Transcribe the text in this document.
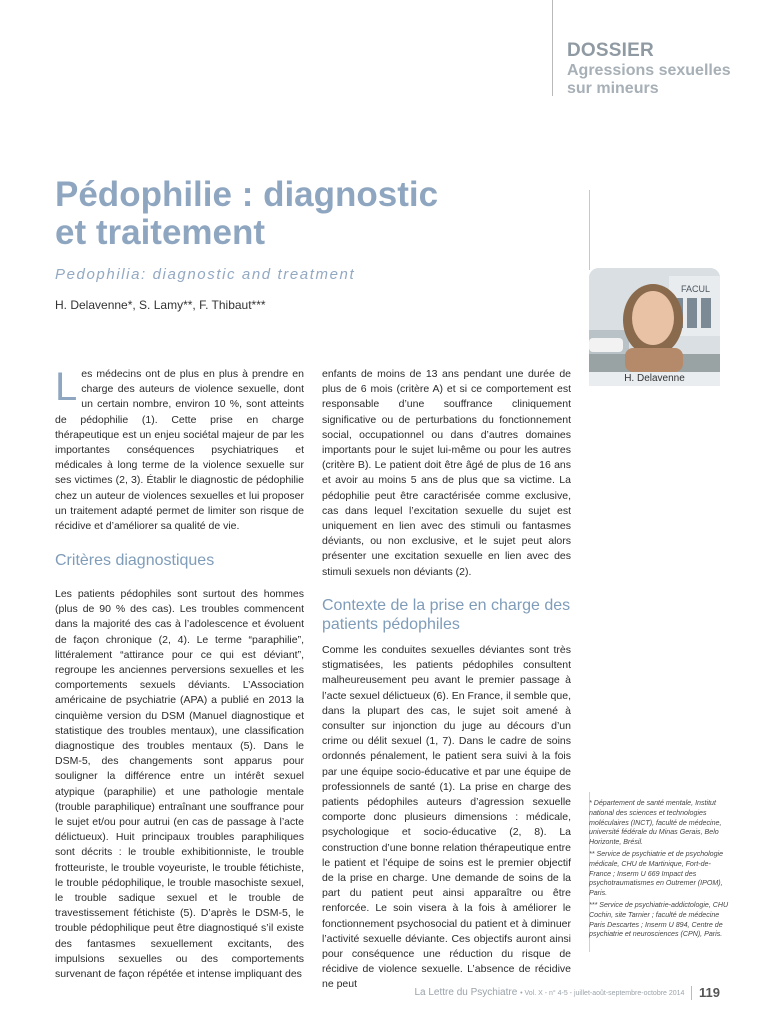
DOSSIER
Agressions sexuelles
sur mineurs
Pédophilie : diagnostic
et traitement
Pedophilia: diagnostic and treatment
H. Delavenne*, S. Lamy**, F. Thibaut***
FACUL
H. Delavenne

Les médecins ont de plus en plus à prendre en charge des auteurs de violence sexuelle, dont un certain nombre, environ 10 %, sont atteints de pédophilie (1). Cette prise en charge thérapeutique est un enjeu sociétal majeur de par les importantes conséquences psychiatriques et médicales à long terme de la violence sexuelle sur ses victimes (2, 3). Établir le diagnostic de pédophilie chez un auteur de violences sexuelles et lui proposer un traitement adapté permet de limiter son risque de récidive et d’améliorer sa qualité de vie.

Critères diagnostiques

Les patients pédophiles sont surtout des hommes (plus de 90 % des cas). Les troubles commencent dans la majorité des cas à l’adolescence et évoluent de façon chronique (2, 4). Le terme “paraphilie”, littéralement “attirance pour ce qui est déviant”, regroupe les anciennes perversions sexuelles et les comportements sexuels déviants. L’Association américaine de psychiatrie (APA) a publié en 2013 la cinquième version du DSM (Manuel diagnostique et statistique des troubles mentaux), une classification diagnostique des troubles mentaux (5). Dans le DSM-5, des changements sont apparus pour souligner la différence entre un intérêt sexuel atypique (paraphilie) et une pathologie mentale (trouble paraphilique) entraînant une souffrance pour le sujet et/ou pour autrui (en cas de passage à l’acte délictueux). Huit principaux troubles paraphiliques sont décrits : le trouble exhibitionniste, le trouble frotteuriste, le trouble voyeuriste, le trouble fétichiste, le trouble pédophilique, le trouble masochiste sexuel, le trouble sadique sexuel et le trouble de travestissement fétichiste (5). D’après le DSM-5, le trouble pédophilique peut être diagnostiqué s’il existe des fantasmes sexuellement excitants, des impulsions sexuelles ou des comportements survenant de façon répétée et intense impliquant des

enfants de moins de 13 ans pendant une durée de plus de 6 mois (critère A) et si ce comportement est responsable d’une souffrance cliniquement significative ou de perturbations du fonctionnement social, occupationnel ou dans d’autres domaines importants pour le sujet lui-même ou pour les autres (critère B). Le patient doit être âgé de plus de 16 ans et avoir au moins 5 ans de plus que sa victime. La pédophilie peut être caractérisée comme exclusive, cas dans lequel l’excitation sexuelle du sujet est uniquement en lien avec des stimuli ou fantasmes déviants, ou non exclusive, et le sujet peut alors présenter une excitation sexuelle en lien avec des stimuli sexuels non déviants (2).

Contexte de la prise en charge des patients pédophiles

Comme les conduites sexuelles déviantes sont très stigmatisées, les patients pédophiles consultent malheureusement peu avant le premier passage à l’acte sexuel délictueux (6). En France, il semble que, dans la plupart des cas, le sujet soit amené à consulter sur injonction du juge au décours d’un crime ou délit sexuel (1, 7). Dans le cadre de soins ordonnés pénalement, le patient sera suivi à la fois par une équipe socio-éducative et par une équipe de professionnels de santé (1). La prise en charge des patients pédophiles auteurs d’agression sexuelle comporte donc plusieurs dimensions : médicale, psychologique et socio-éducative (2, 8). La construction d’une bonne relation thérapeutique entre le patient et l’équipe de soins est le premier objectif de la prise en charge. Une demande de soins de la part du patient peut ainsi apparaître ou être renforcée. Le soin visera à la fois à améliorer le fonctionnement psychosocial du patient et à diminuer l’activité sexuelle déviante. Ces objectifs auront ainsi pour conséquence une réduction du risque de récidive de violence sexuelle. L’absence de récidive ne peut

* Département de santé mentale, Institut national des sciences et technologies moléculaires (INCT), faculté de médecine, université fédérale du Minas Gerais, Belo Horizonte, Brésil.

** Service de psychiatrie et de psychologie médicale, CHU de Martinique, Fort-de-France ; Inserm U 669 Impact des psychotraumatismes en Outremer (IPOM), Paris.

*** Service de psychiatrie-addictologie, CHU Cochin, site Tarnier ; faculté de médecine Paris Descartes ; Inserm U 894, Centre de psychiatrie et neurosciences (CPN), Paris.

La Lettre du Psychiatre • Vol. X - n° 4-5 - juillet-août-septembre-octobre 2014 119
